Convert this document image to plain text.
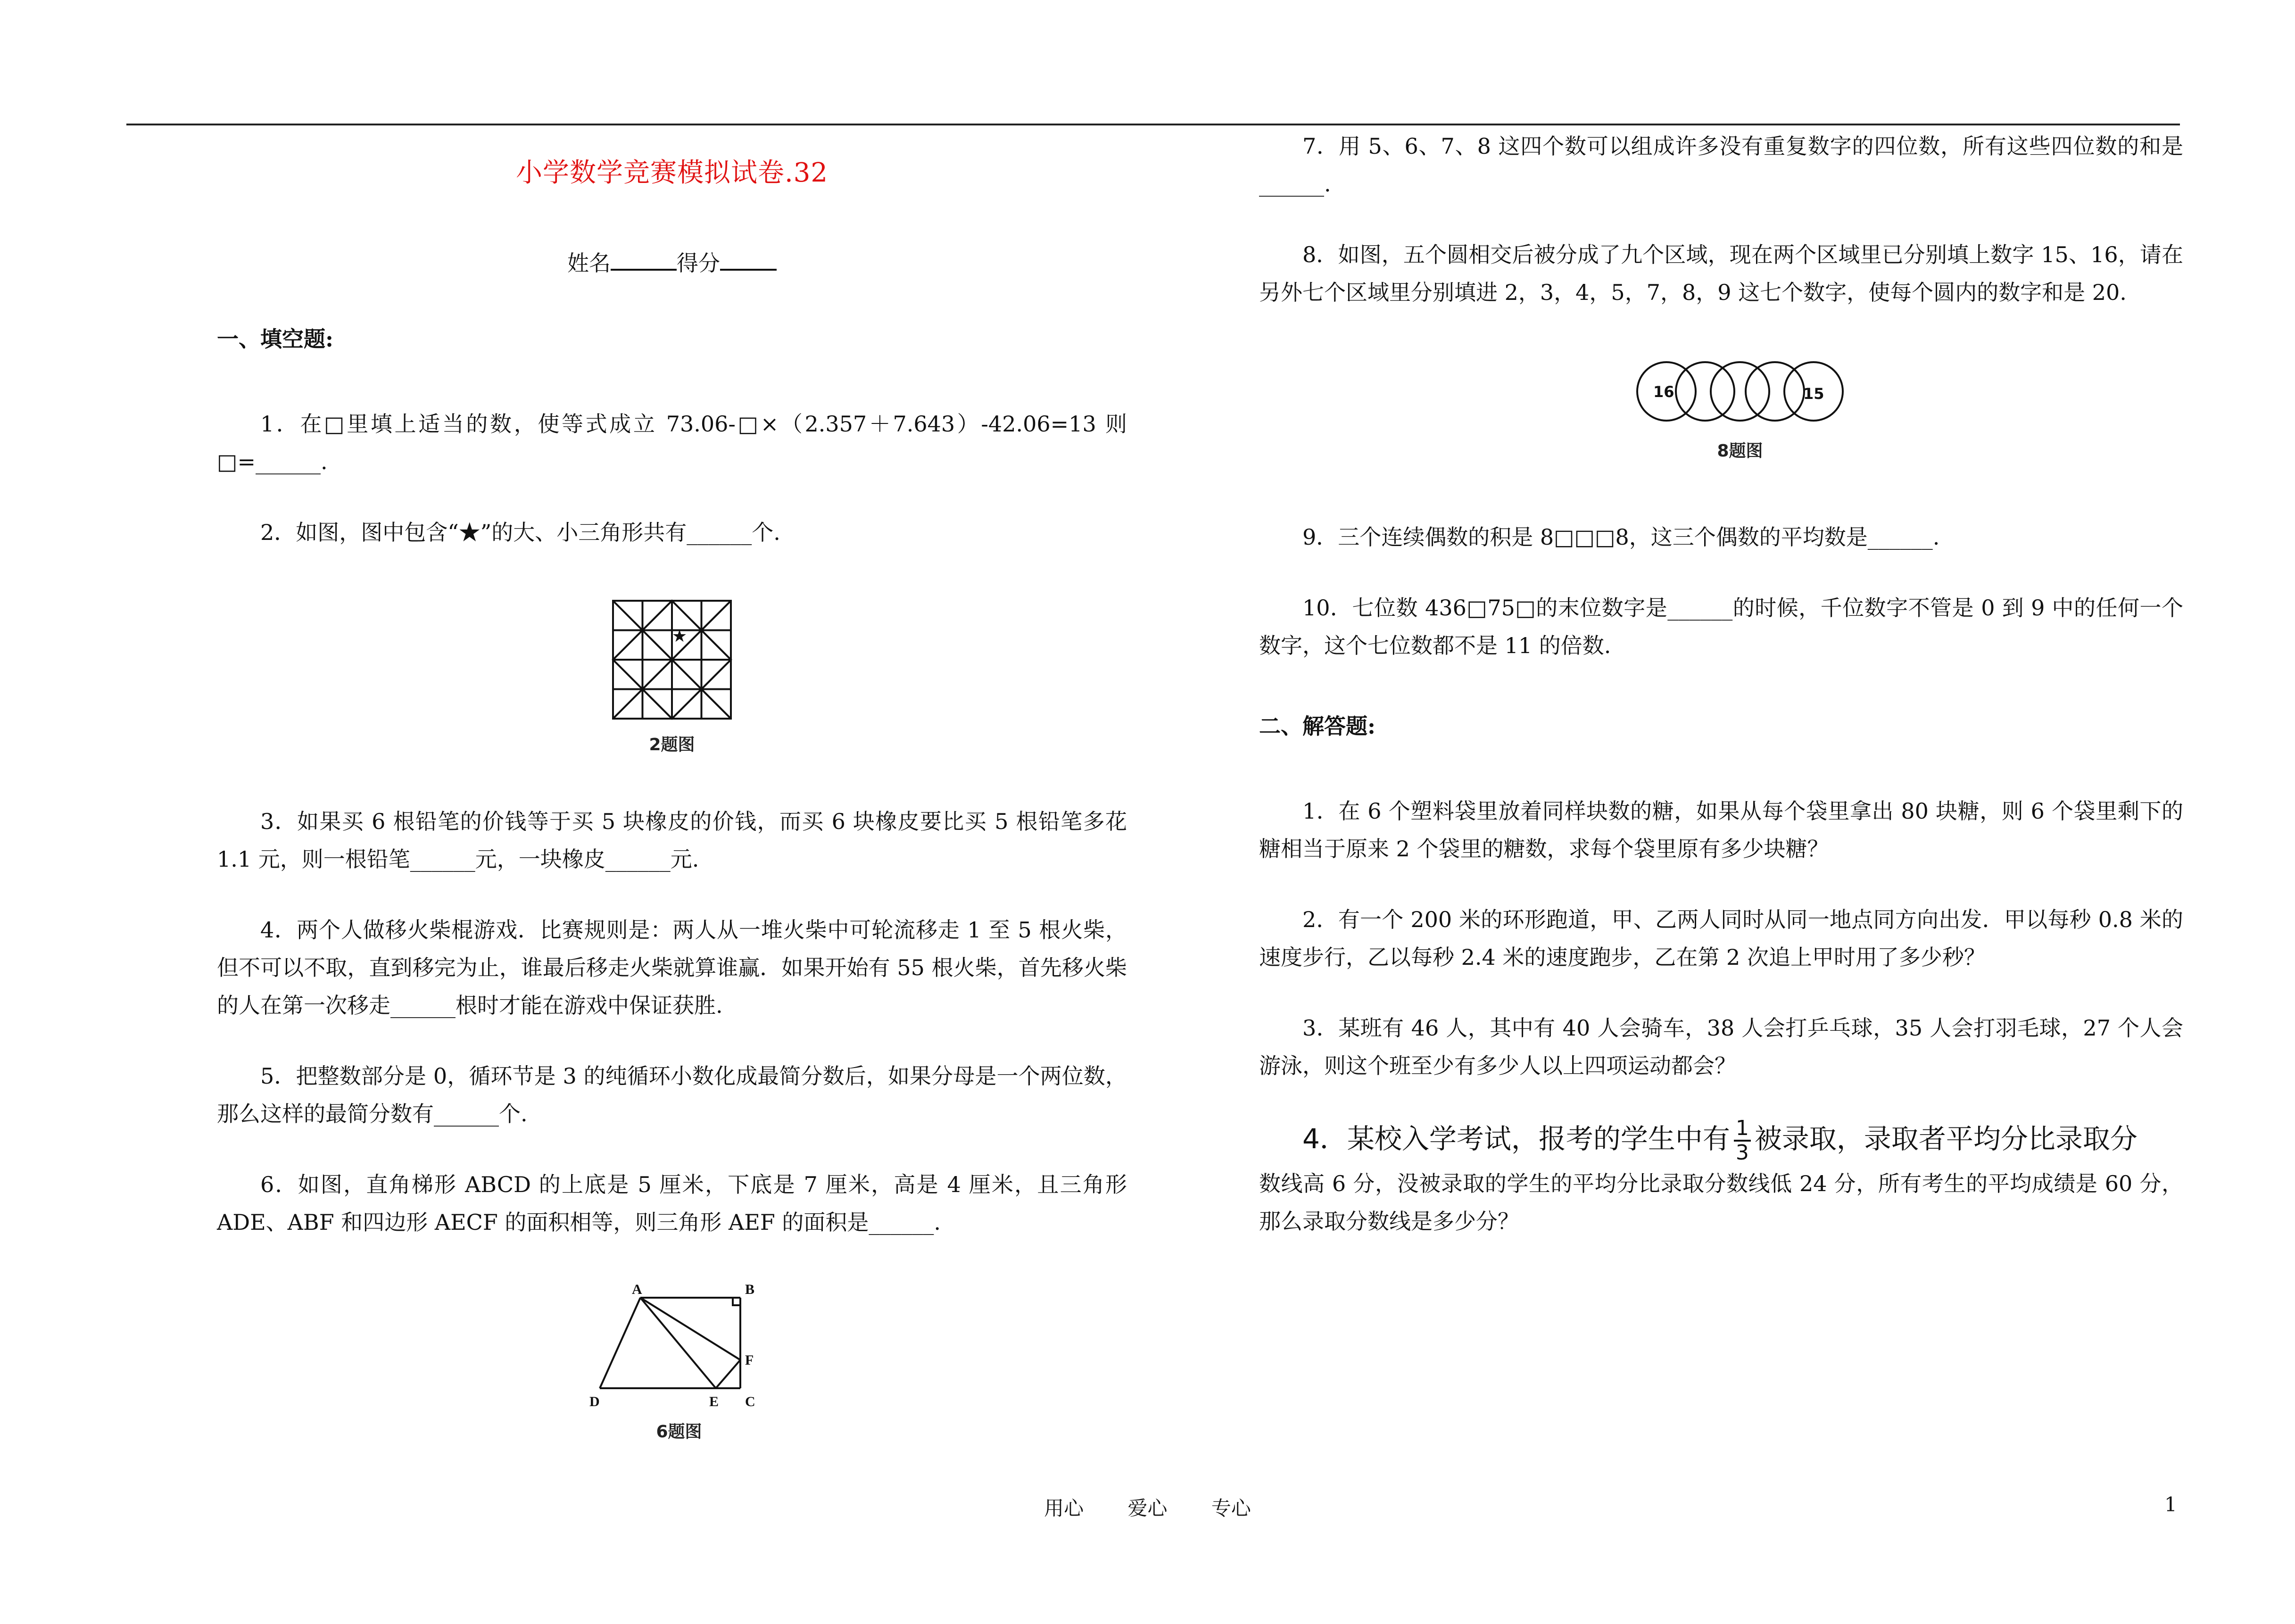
小学数学竞赛模拟试卷.32
姓名	得分
一、填空题:
1．在□里填上适当的数，使等式成立 73.06-□×（2.357＋7.643）-42.06=13 则□=______.
2．如图，图中包含“★”的大、小三角形共有______个.
★
2题图
3．如果买 6 根铅笔的价钱等于买 5 块橡皮的价钱，而买 6 块橡皮要比买 5 根铅笔多花 1.1 元，则一根铅笔______元，一块橡皮______元.
4．两个人做移火柴棍游戏．比赛规则是：两人从一堆火柴中可轮流移走 1 至 5 根火柴，但不可以不取，直到移完为止，谁最后移走火柴就算谁赢．如果开始有 55 根火柴，首先移火柴的人在第一次移走______根时才能在游戏中保证获胜.
5．把整数部分是 0，循环节是 3 的纯循环小数化成最简分数后，如果分母是一个两位数，那么这样的最简分数有______个.
6．如图，直角梯形 ABCD 的上底是 5 厘米，下底是 7 厘米，高是 4 厘米，且三角形 ADE、ABF 和四边形 AECF 的面积相等，则三角形 AEF 的面积是______.
A	B
C
D	E
F
6题图
7．用 5、6、7、8 这四个数可以组成许多没有重复数字的四位数，所有这些四位数的和是______.
8．如图，五个圆相交后被分成了九个区域，现在两个区域里已分别填上数字 15、16，请在另外七个区域里分别填进 2，3，4，5，7，8，9 这七个数字，使每个圆内的数字和是 20.
16	15
8题图
9．三个连续偶数的积是 8□□□8，这三个偶数的平均数是______.
10．七位数 436□75□的末位数字是______的时候，千位数字不管是 0 到 9 中的任何一个数字，这个七位数都不是 11 的倍数.
二、解答题:
1．在 6 个塑料袋里放着同样块数的糖，如果从每个袋里拿出 80 块糖，则 6 个袋里剩下的糖相当于原来 2 个袋里的糖数，求每个袋里原有多少块糖？
2．有一个 200 米的环形跑道，甲、乙两人同时从同一地点同方向出发．甲以每秒 0.8 米的速度步行，乙以每秒 2.4 米的速度跑步，乙在第 2 次追上甲时用了多少秒？
3．某班有 46 人，其中有 40 人会骑车，38 人会打乒乓球，35 人会打羽毛球，27 个人会游泳，则这个班至少有多少人以上四项运动都会？
4．某校入学考试，报考的学生中有 $\frac{1}{3}$ 被录取，录取者平均分比录取分
数线高 6 分，没被录取的学生的平均分比录取分数线低 24 分，所有考生的平均成绩是 60 分，那么录取分数线是多少分？
用心 爱心 专心	1
